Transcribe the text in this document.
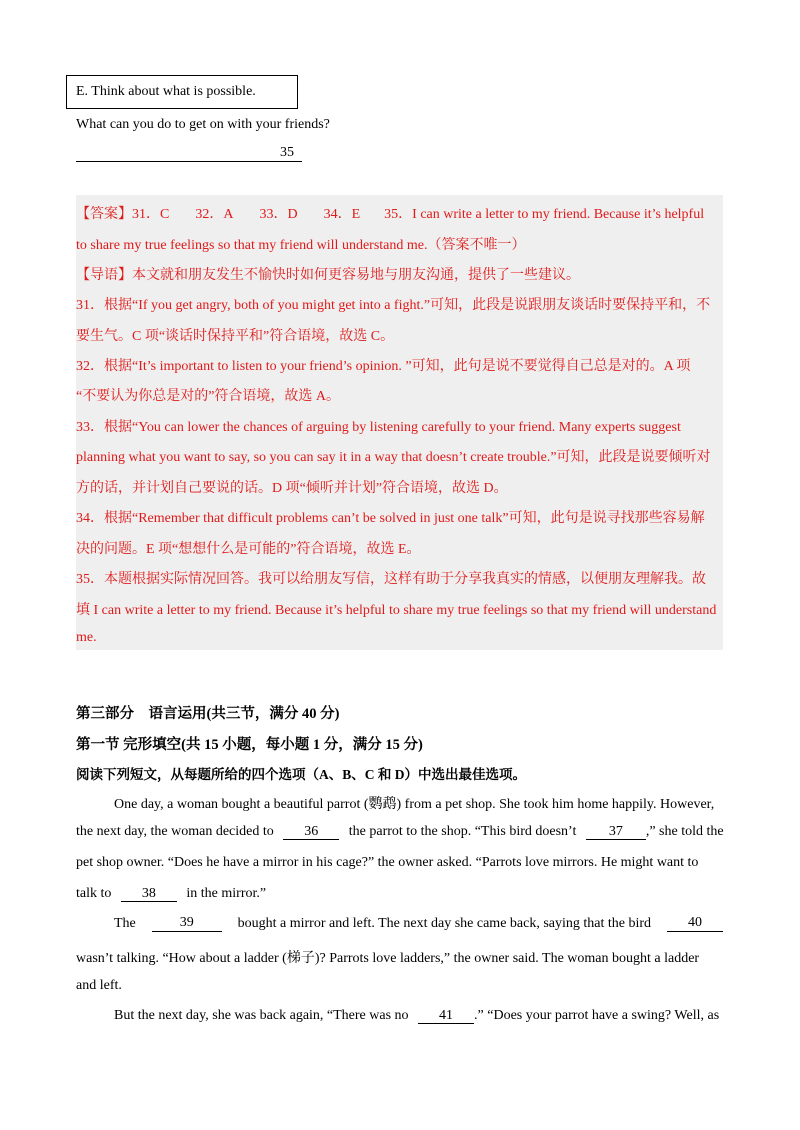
E. Think about what is possible.
What can you do to get on with your friends?
35
【答案】31．C 32．A 33．D 34．E 35．I can write a letter to my friend. Because it’s helpful
to share my true feelings so that my friend will understand me.（答案不唯一）
【导语】本文就和朋友发生不愉快时如何更容易地与朋友沟通，提供了一些建议。
31．根据“If you get angry, both of you might get into a fight.”可知，此段是说跟朋友谈话时要保持平和，不
要生气。C 项“谈话时保持平和”符合语境，故选 C。
32．根据“It’s important to listen to your friend’s opinion. ”可知，此句是说不要觉得自己总是对的。A 项
“不要认为你总是对的”符合语境，故选 A。
33．根据“You can lower the chances of arguing by listening carefully to your friend. Many experts suggest
planning what you want to say, so you can say it in a way that doesn’t create trouble.”可知，此段是说要倾听对
方的话，并计划自己要说的话。D 项“倾听并计划”符合语境，故选 D。
34．根据“Remember that difficult problems can’t be solved in just one talk”可知，此句是说寻找那些容易解
决的问题。E 项“想想什么是可能的”符合语境，故选 E。
35．本题根据实际情况回答。我可以给朋友写信，这样有助于分享我真实的情感，以便朋友理解我。故
填 I can write a letter to my friend. Because it’s helpful to share my true feelings so that my friend will understand
me.
第三部分　语言运用(共三节，满分 40 分)
第一节 完形填空(共 15 小题，每小题 1 分，满分 15 分)
阅读下列短文，从每题所给的四个选项（A、B、C 和 D）中选出最佳选项。
One day, a woman bought a beautiful parrot (鹦鹉) from a pet shop. She took him home happily. However,
the next day, the woman decided to 36 the parrot to the shop. “This bird doesn’t 37 ,” she told the
pet shop owner. “Does he have a mirror in his cage?” the owner asked. “Parrots love mirrors. He might want to
talk to 38 in the mirror.”
The	39	bought a mirror and left. The next day she came back, saying that the bird	40
wasn’t talking. “How about a ladder (梯子)? Parrots love ladders,” the owner said. The woman bought a ladder
and left.
But the next day, she was back again, “There was no 41 .” “Does your parrot have a swing? Well, as
